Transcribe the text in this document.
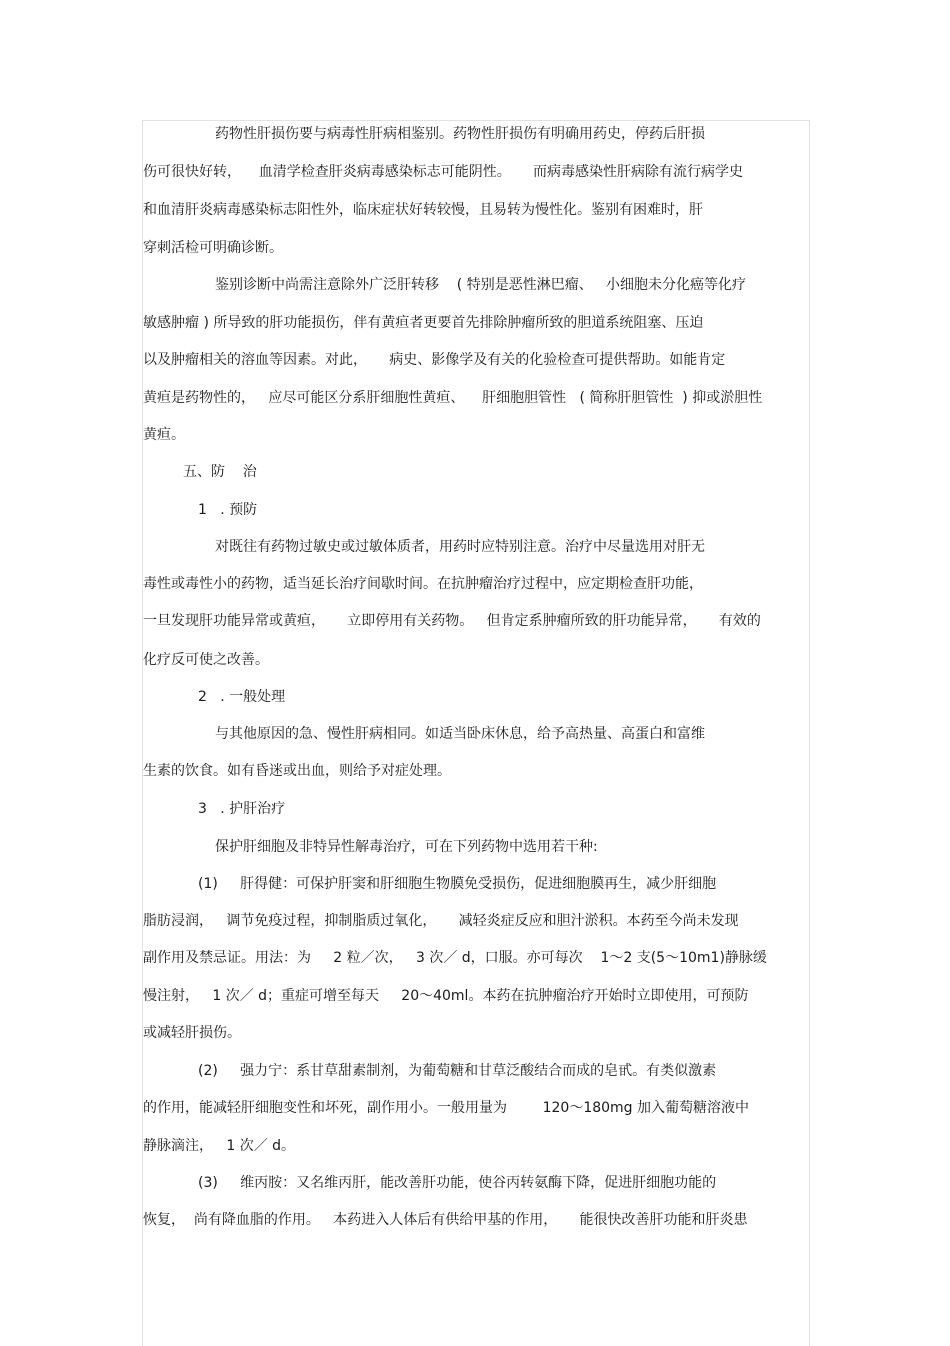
药物性肝损伤要与病毒性肝病相鉴别。药物性肝损伤有明确用药史，停药后肝损
伤可很快好转，    血清学检查肝炎病毒感染标志可能阴性。     而病毒感染性肝病除有流行病学史
和血清肝炎病毒感染标志阳性外，临床症状好转较慢，且易转为慢性化。鉴别有困难时，肝
穿刺活检可明确诊断。
鉴别诊断中尚需注意除外广泛肝转移    ( 特别是恶性淋巴瘤、   小细胞未分化癌等化疗
敏感肿瘤 ) 所导致的肝功能损伤，伴有黄疸者更要首先排除肿瘤所致的胆道系统阻塞、压迫
以及肿瘤相关的溶血等因素。对此，     病史、影像学及有关的化验检查可提供帮助。如能肯定
黄疸是药物性的，   应尽可能区分系肝细胞性黄疸、    肝细胞胆管性   ( 简称肝胆管性  ) 抑或淤胆性
黄疸。
五、防    治
1   . 预防
对既往有药物过敏史或过敏体质者，用药时应特别注意。治疗中尽量选用对肝无
毒性或毒性小的药物，适当延长治疗间歇时间。在抗肿瘤治疗过程中，应定期检查肝功能，
一旦发现肝功能异常或黄疸，     立即停用有关药物。   但肯定系肿瘤所致的肝功能异常，     有效的
化疗反可使之改善。
2   . 一般处理
与其他原因的急、慢性肝病相同。如适当卧床休息，给予高热量、高蛋白和富维
生素的饮食。如有昏迷或出血，则给予对症处理。
3   . 护肝治疗
保护肝细胞及非特异性解毒治疗，可在下列药物中选用若干种:
(1)     肝得健：可保护肝窦和肝细胞生物膜免受损伤，促进细胞膜再生，减少肝细胞
脂肪浸润，   调节免疫过程，抑制脂质过氧化，     减轻炎症反应和胆汁淤积。本药至今尚未发现
副作用及禁忌证。用法：为     2 粒／次，   3 次／ d，口服。亦可每次    1～2 支(5～10m1)静脉缓
慢注射，   1 次／ d；重症可增至每天     20～40ml。本药在抗肿瘤治疗开始时立即使用，可预防
或减轻肝损伤。
(2)     强力宁：系甘草甜素制剂，为葡萄糖和甘草泛酸结合而成的皂甙。有类似激素
的作用，能减轻肝细胞变性和坏死，副作用小。一般用量为        120～180mg 加入葡萄糖溶液中
静脉滴注，   1 次／ d。
(3)     维丙胺：又名维丙肝，能改善肝功能，使谷丙转氨酶下降，促进肝细胞功能的
恢复，  尚有降血脂的作用。   本药进入人体后有供给甲基的作用，     能很快改善肝功能和肝炎患
